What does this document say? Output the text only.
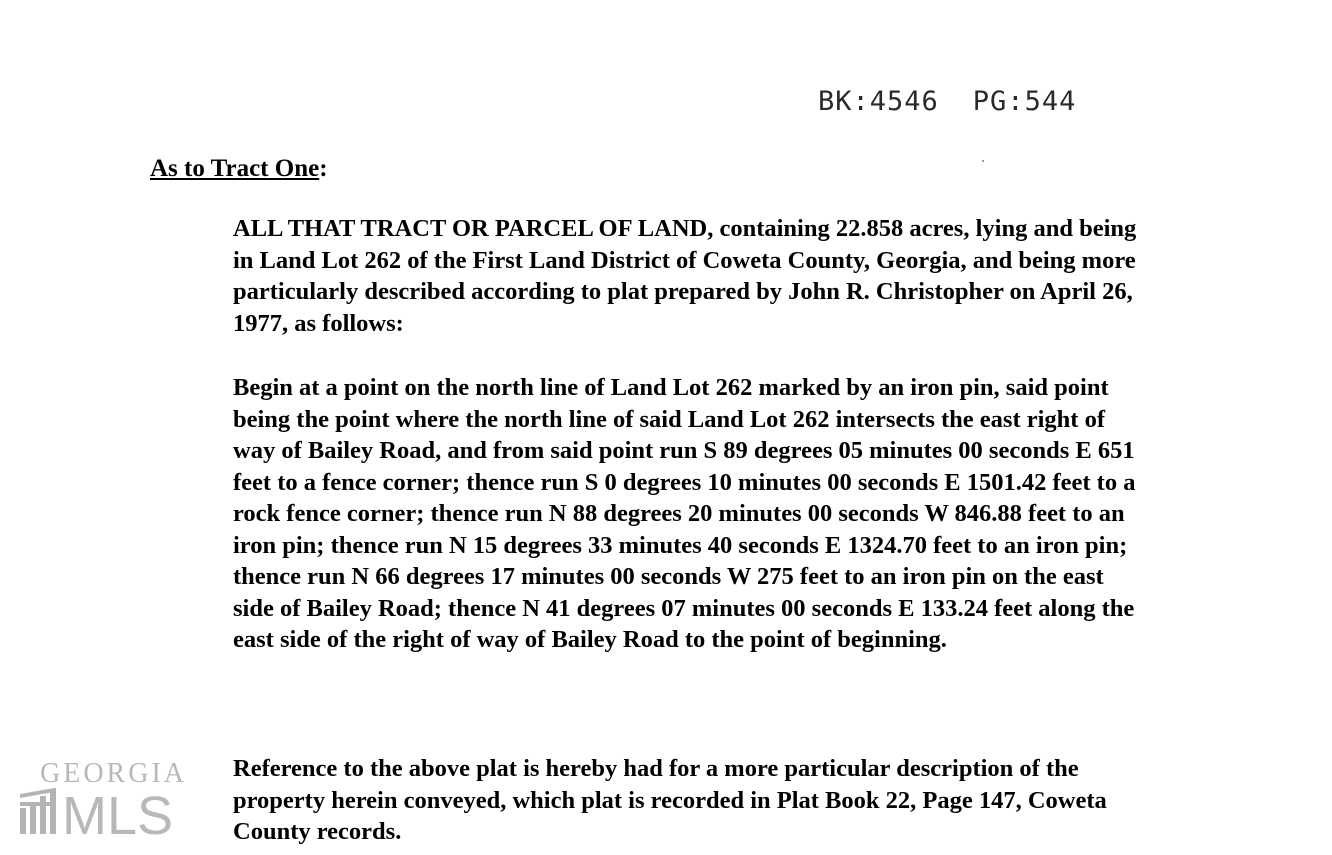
BK:4546 PG:544
As to Tract One:

ALL THAT TRACT OR PARCEL OF LAND, containing 22.858 acres, lying and being in Land Lot 262 of the First Land District of Coweta County, Georgia, and being more particularly described according to plat prepared by John R. Christopher on April 26, 1977, as follows:

Begin at a point on the north line of Land Lot 262 marked by an iron pin, said point being the point where the north line of said Land Lot 262 intersects the east right of way of Bailey Road, and from said point run S 89 degrees 05 minutes 00 seconds E 651 feet to a fence corner; thence run S 0 degrees 10 minutes 00 seconds E 1501.42 feet to a rock fence corner; thence run N 88 degrees 20 minutes 00 seconds W 846.88 feet to an iron pin; thence run N 15 degrees 33 minutes 40 seconds E 1324.70 feet to an iron pin; thence run N 66 degrees 17 minutes 00 seconds W 275 feet to an iron pin on the east side of Bailey Road; thence N 41 degrees 07 minutes 00 seconds E 133.24 feet along the east side of the right of way of Bailey Road to the point of beginning.

Reference to the above plat is hereby had for a more particular description of the property herein conveyed, which plat is recorded in Plat Book 22, Page 147, Coweta County records.

GEORGIA
MLS
